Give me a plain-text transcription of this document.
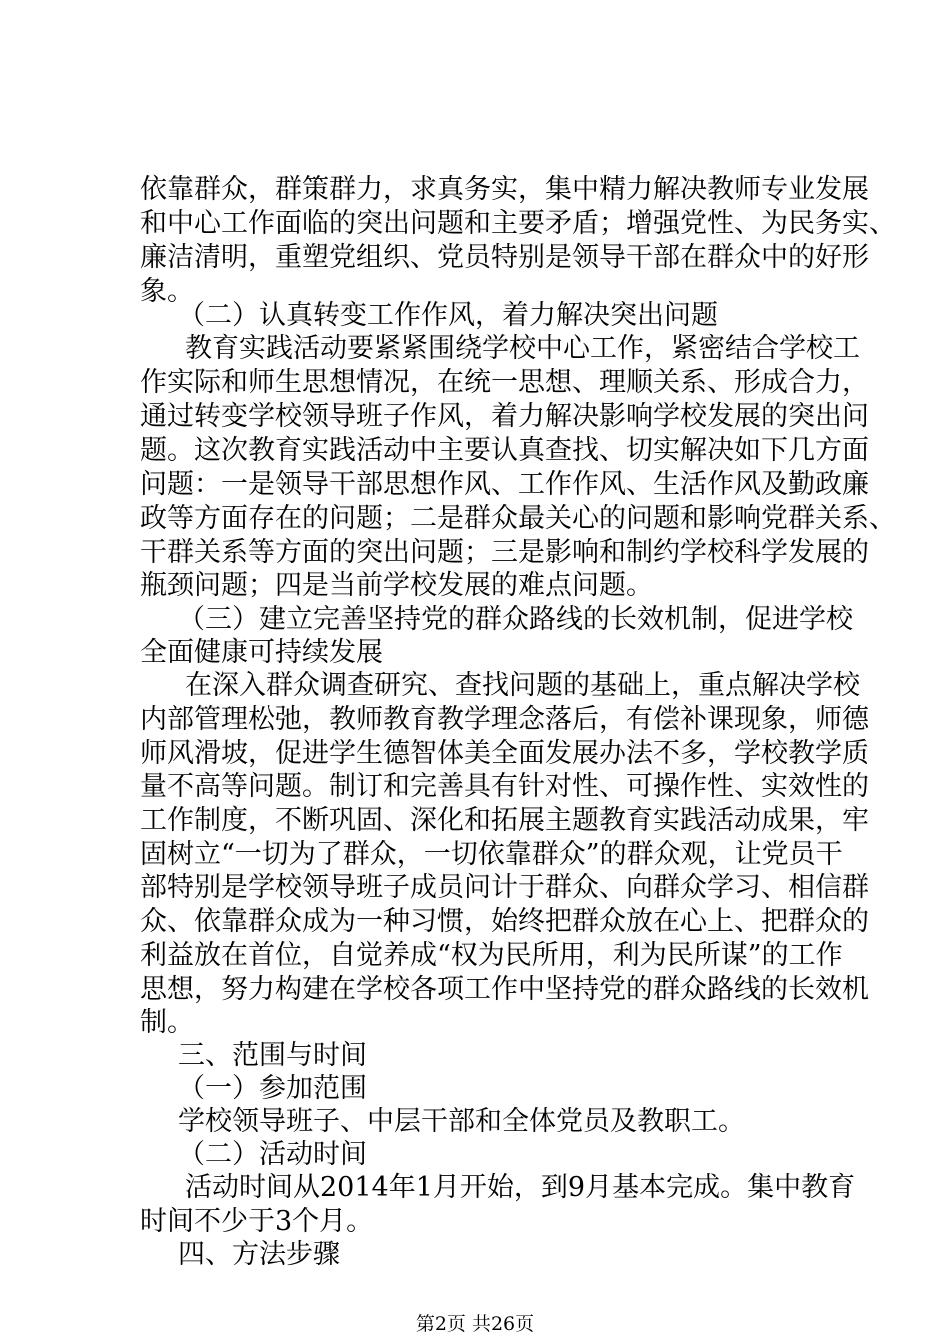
依靠群众，群策群力，求真务实，集中精力解决教师专业发展
和中心工作面临的突出问题和主要矛盾；增强党性、为民务实、
廉洁清明，重塑党组织、党员特别是领导干部在群众中的好形
象。
（二）认真转变工作作风，着力解决突出问题
教育实践活动要紧紧围绕学校中心工作，紧密结合学校工
作实际和师生思想情况，在统一思想、理顺关系、形成合力，
通过转变学校领导班子作风，着力解决影响学校发展的突出问
题。这次教育实践活动中主要认真查找、切实解决如下几方面
问题：一是领导干部思想作风、工作作风、生活作风及勤政廉
政等方面存在的问题；二是群众最关心的问题和影响党群关系、
干群关系等方面的突出问题；三是影响和制约学校科学发展的
瓶颈问题；四是当前学校发展的难点问题。
（三）建立完善坚持党的群众路线的长效机制，促进学校
全面健康可持续发展
在深入群众调查研究、查找问题的基础上，重点解决学校
内部管理松弛，教师教育教学理念落后，有偿补课现象，师德
师风滑坡，促进学生德智体美全面发展办法不多，学校教学质
量不高等问题。制订和完善具有针对性、可操作性、实效性的
工作制度，不断巩固、深化和拓展主题教育实践活动成果，牢
固树立“一切为了群众，一切依靠群众”的群众观，让党员干
部特别是学校领导班子成员问计于群众、向群众学习、相信群
众、依靠群众成为一种习惯，始终把群众放在心上、把群众的
利益放在首位，自觉养成“权为民所用，利为民所谋”的工作
思想，努力构建在学校各项工作中坚持党的群众路线的长效机
制。
三、范围与时间
（一）参加范围
学校领导班子、中层干部和全体党员及教职工。
（二）活动时间
活动时间从2014年1月开始，到9月基本完成。集中教育
时间不少于3个月。
四、方法步骤
第2页 共26页
